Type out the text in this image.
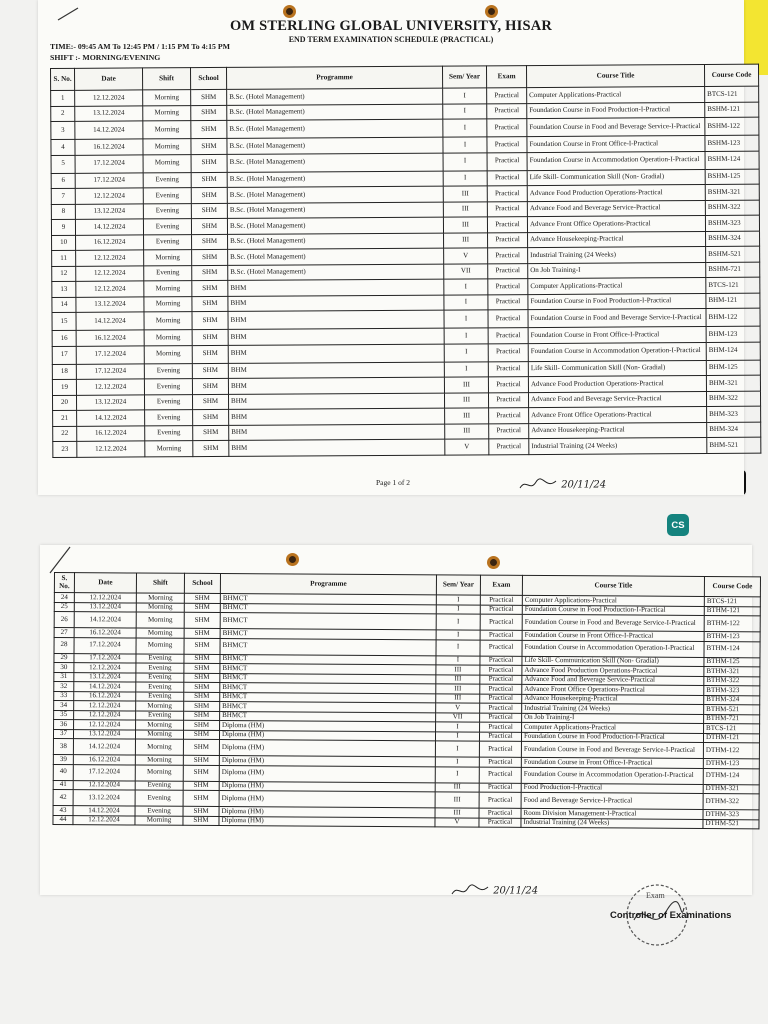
CS
OM STERLING GLOBAL UNIVERSITY, HISAR
END TERM EXAMINATION SCHEDULE (PRACTICAL)
TIME:- 09:45 AM To 12:45 PM / 1:15 PM To 4:15 PM
SHIFT :- MORNING/EVENING
S. No.	Date	Shift	School	Programme	Sem/ Year	Exam	Course Title	Course Code
1	12.12.2024	Morning	SHM	B.Sc. (Hotel Management)	I	Practical	Computer Applications-Practical	BTCS-121
2	13.12.2024	Morning	SHM	B.Sc. (Hotel Management)	I	Practical	Foundation Course in Food Production-I-Practical	BSHM-121
3	14.12.2024	Morning	SHM	B.Sc. (Hotel Management)	I	Practical	Foundation Course in Food and Beverage Service-I-Practical	BSHM-122
4	16.12.2024	Morning	SHM	B.Sc. (Hotel Management)	I	Practical	Foundation Course in Front Office-I-Practical	BSHM-123
5	17.12.2024	Morning	SHM	B.Sc. (Hotel Management)	I	Practical	Foundation Course in Accommodation Operation-I-Practical	BSHM-124
6	17.12.2024	Evening	SHM	B.Sc. (Hotel Management)	I	Practical	Life Skill- Communication Skill (Non- Gradial)	BSHM-125
7	12.12.2024	Evening	SHM	B.Sc. (Hotel Management)	III	Practical	Advance Food Production Operations-Practical	BSHM-321
8	13.12.2024	Evening	SHM	B.Sc. (Hotel Management)	III	Practical	Advance Food and Beverage Service-Practical	BSHM-322
9	14.12.2024	Evening	SHM	B.Sc. (Hotel Management)	III	Practical	Advance Front Office Operations-Practical	BSHM-323
10	16.12.2024	Evening	SHM	B.Sc. (Hotel Management)	III	Practical	Advance Housekeeping-Practical	BSHM-324
11	12.12.2024	Morning	SHM	B.Sc. (Hotel Management)	V	Practical	Industrial Training (24 Weeks)	BSHM-521
12	12.12.2024	Evening	SHM	B.Sc. (Hotel Management)	VII	Practical	On Job Training-I	BSHM-721
13	12.12.2024	Morning	SHM	BHM	I	Practical	Computer Applications-Practical	BTCS-121
14	13.12.2024	Morning	SHM	BHM	I	Practical	Foundation Course in Food Production-I-Practical	BHM-121
15	14.12.2024	Morning	SHM	BHM	I	Practical	Foundation Course in Food and Beverage Service-I-Practical	BHM-122
16	16.12.2024	Morning	SHM	BHM	I	Practical	Foundation Course in Front Office-I-Practical	BHM-123
17	17.12.2024	Morning	SHM	BHM	I	Practical	Foundation Course in Accommodation Operation-I-Practical	BHM-124
18	17.12.2024	Evening	SHM	BHM	I	Practical	Life Skill- Communication Skill (Non- Gradial)	BHM-125
19	12.12.2024	Evening	SHM	BHM	III	Practical	Advance Food Production Operations-Practical	BHM-321
20	13.12.2024	Evening	SHM	BHM	III	Practical	Advance Food and Beverage Service-Practical	BHM-322
21	14.12.2024	Evening	SHM	BHM	III	Practical	Advance Front Office Operations-Practical	BHM-323
22	16.12.2024	Evening	SHM	BHM	III	Practical	Advance Housekeeping-Practical	BHM-324
23	12.12.2024	Morning	SHM	BHM	V	Practical	Industrial Training (24 Weeks)	BHM-521
Page 1 of 2	20/11/24
S. No.	Date	Shift	School	Programme	Sem/ Year	Exam	Course Title	Course Code
24	12.12.2024	Morning	SHM	BHMCT	I	Practical	Computer Applications-Practical	BTCS-121
25	13.12.2024	Morning	SHM	BHMCT	I	Practical	Foundation Course in Food Production-I-Practical	BTHM-121
26	14.12.2024	Morning	SHM	BHMCT	I	Practical	Foundation Course in Food and Beverage Service-I-Practical	BTHM-122
27	16.12.2024	Morning	SHM	BHMCT	I	Practical	Foundation Course in Front Office-I-Practical	BTHM-123
28	17.12.2024	Morning	SHM	BHMCT	I	Practical	Foundation Course in Accommodation Operation-I-Practical	BTHM-124
29	17.12.2024	Evening	SHM	BHMCT	I	Practical	Life Skill- Communication Skill (Non- Gradial)	BTHM-125
30	12.12.2024	Evening	SHM	BHMCT	III	Practical	Advance Food Production Operations-Practical	BTHM-321
31	13.12.2024	Evening	SHM	BHMCT	III	Practical	Advance Food and Beverage Service-Practical	BTHM-322
32	14.12.2024	Evening	SHM	BHMCT	III	Practical	Advance Front Office Operations-Practical	BTHM-323
33	16.12.2024	Evening	SHM	BHMCT	III	Practical	Advance Housekeeping-Practical	BTHM-324
34	12.12.2024	Morning	SHM	BHMCT	V	Practical	Industrial Training (24 Weeks)	BTHM-521
35	12.12.2024	Evening	SHM	BHMCT	VII	Practical	On Job Training-I	BTHM-721
36	12.12.2024	Morning	SHM	Diploma (HM)	I	Practical	Computer Applications-Practical	BTCS-121
37	13.12.2024	Morning	SHM	Diploma (HM)	I	Practical	Foundation Course in Food Production-I-Practical	DTHM-121
38	14.12.2024	Morning	SHM	Diploma (HM)	I	Practical	Foundation Course in Food and Beverage Service-I-Practical	DTHM-122
39	16.12.2024	Morning	SHM	Diploma (HM)	I	Practical	Foundation Course in Front Office-I-Practical	DTHM-123
40	17.12.2024	Morning	SHM	Diploma (HM)	I	Practical	Foundation Course in Accommodation Operation-I-Practical	DTHM-124
41	12.12.2024	Evening	SHM	Diploma (HM)	III	Practical	Food Production-I-Practical	DTHM-321
42	13.12.2024	Evening	SHM	Diploma (HM)	III	Practical	Food and Beverage Service-I-Practical	DTHM-322
43	14.12.2024	Evening	SHM	Diploma (HM)	III	Practical	Room Division Management-I-Practical	DTHM-323
44	12.12.2024	Morning	SHM	Diploma (HM)	V	Practical	Industrial Training (24 Weeks)	DTHM-521
20/11/24	Exam
Controller of Examinations
